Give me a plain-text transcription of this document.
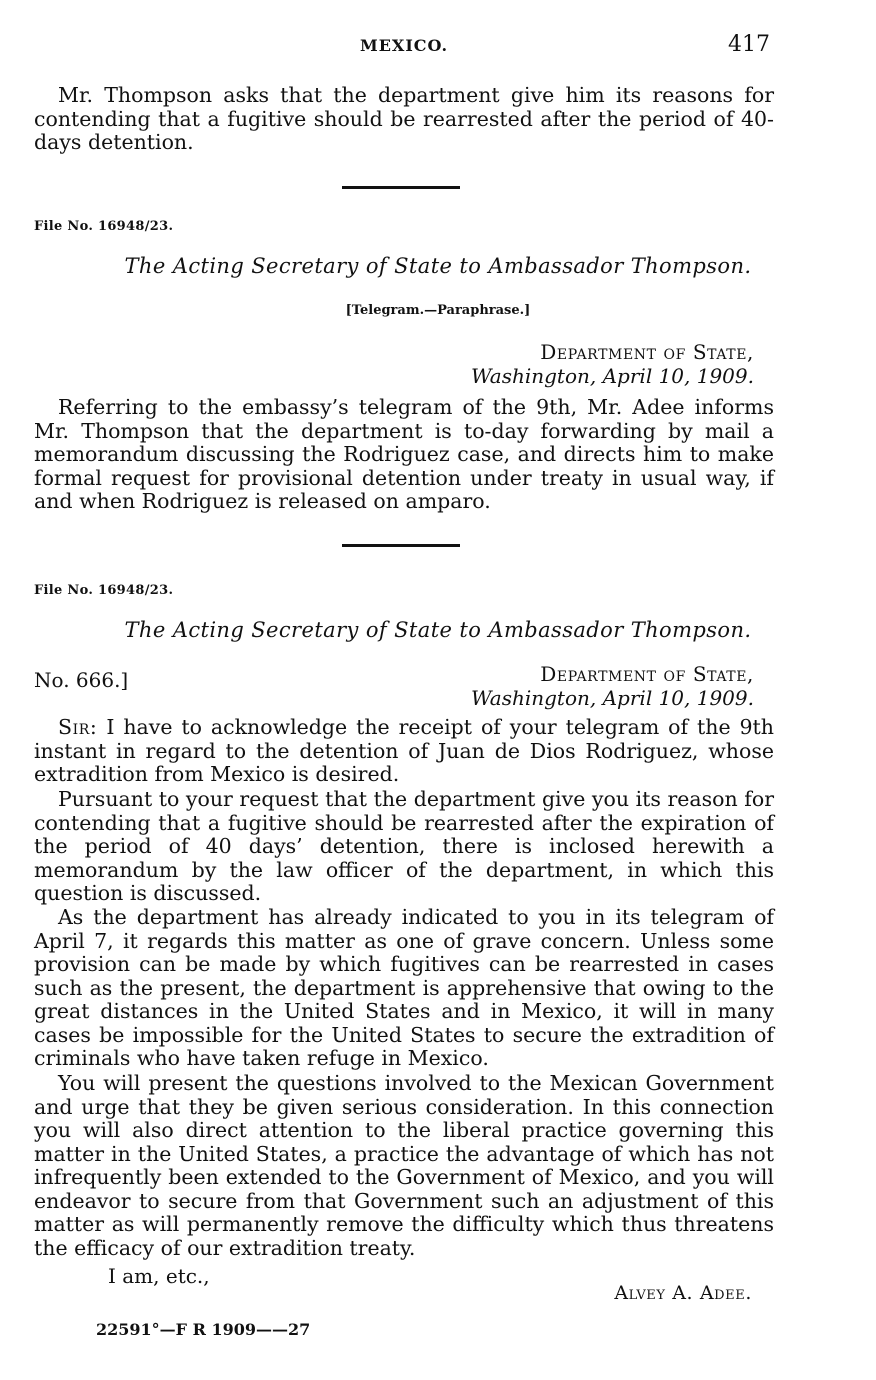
MEXICO.	417

Mr. Thompson asks that the department give him its reasons for contending that a fugitive should be rearrested after the period of 40-days detention.

File No. 16948/23.
The Acting Secretary of State to Ambassador Thompson.
[Telegram.—Paraphrase.]
Department of State,
Washington, April 10, 1909.

Referring to the embassy’s telegram of the 9th, Mr. Adee informs Mr. Thompson that the department is to-day forwarding by mail a memorandum discussing the Rodriguez case, and directs him to make formal request for provisional detention under treaty in usual way, if and when Rodriguez is released on amparo.

File No. 16948/23.
The Acting Secretary of State to Ambassador Thompson.
No. 666.]	Department of State,
Washington, April 10, 1909.

Sir: I have to acknowledge the receipt of your telegram of the 9th instant in regard to the detention of Juan de Dios Rodriguez, whose extradition from Mexico is desired.

Pursuant to your request that the department give you its reason for contending that a fugitive should be rearrested after the expiration of the period of 40 days’ detention, there is inclosed herewith a memorandum by the law officer of the department, in which this question is discussed.

As the department has already indicated to you in its telegram of April 7, it regards this matter as one of grave concern. Unless some provision can be made by which fugitives can be rearrested in cases such as the present, the department is apprehensive that owing to the great distances in the United States and in Mexico, it will in many cases be impossible for the United States to secure the extradition of criminals who have taken refuge in Mexico.

You will present the questions involved to the Mexican Government and urge that they be given serious consideration. In this connection you will also direct attention to the liberal practice governing this matter in the United States, a practice the advantage of which has not infrequently been extended to the Government of Mexico, and you will endeavor to secure from that Government such an adjustment of this matter as will permanently remove the difficulty which thus threatens the efficacy of our extradition treaty.

I am, etc.,
Alvey A. Adee.
22591°—F R 1909——27
